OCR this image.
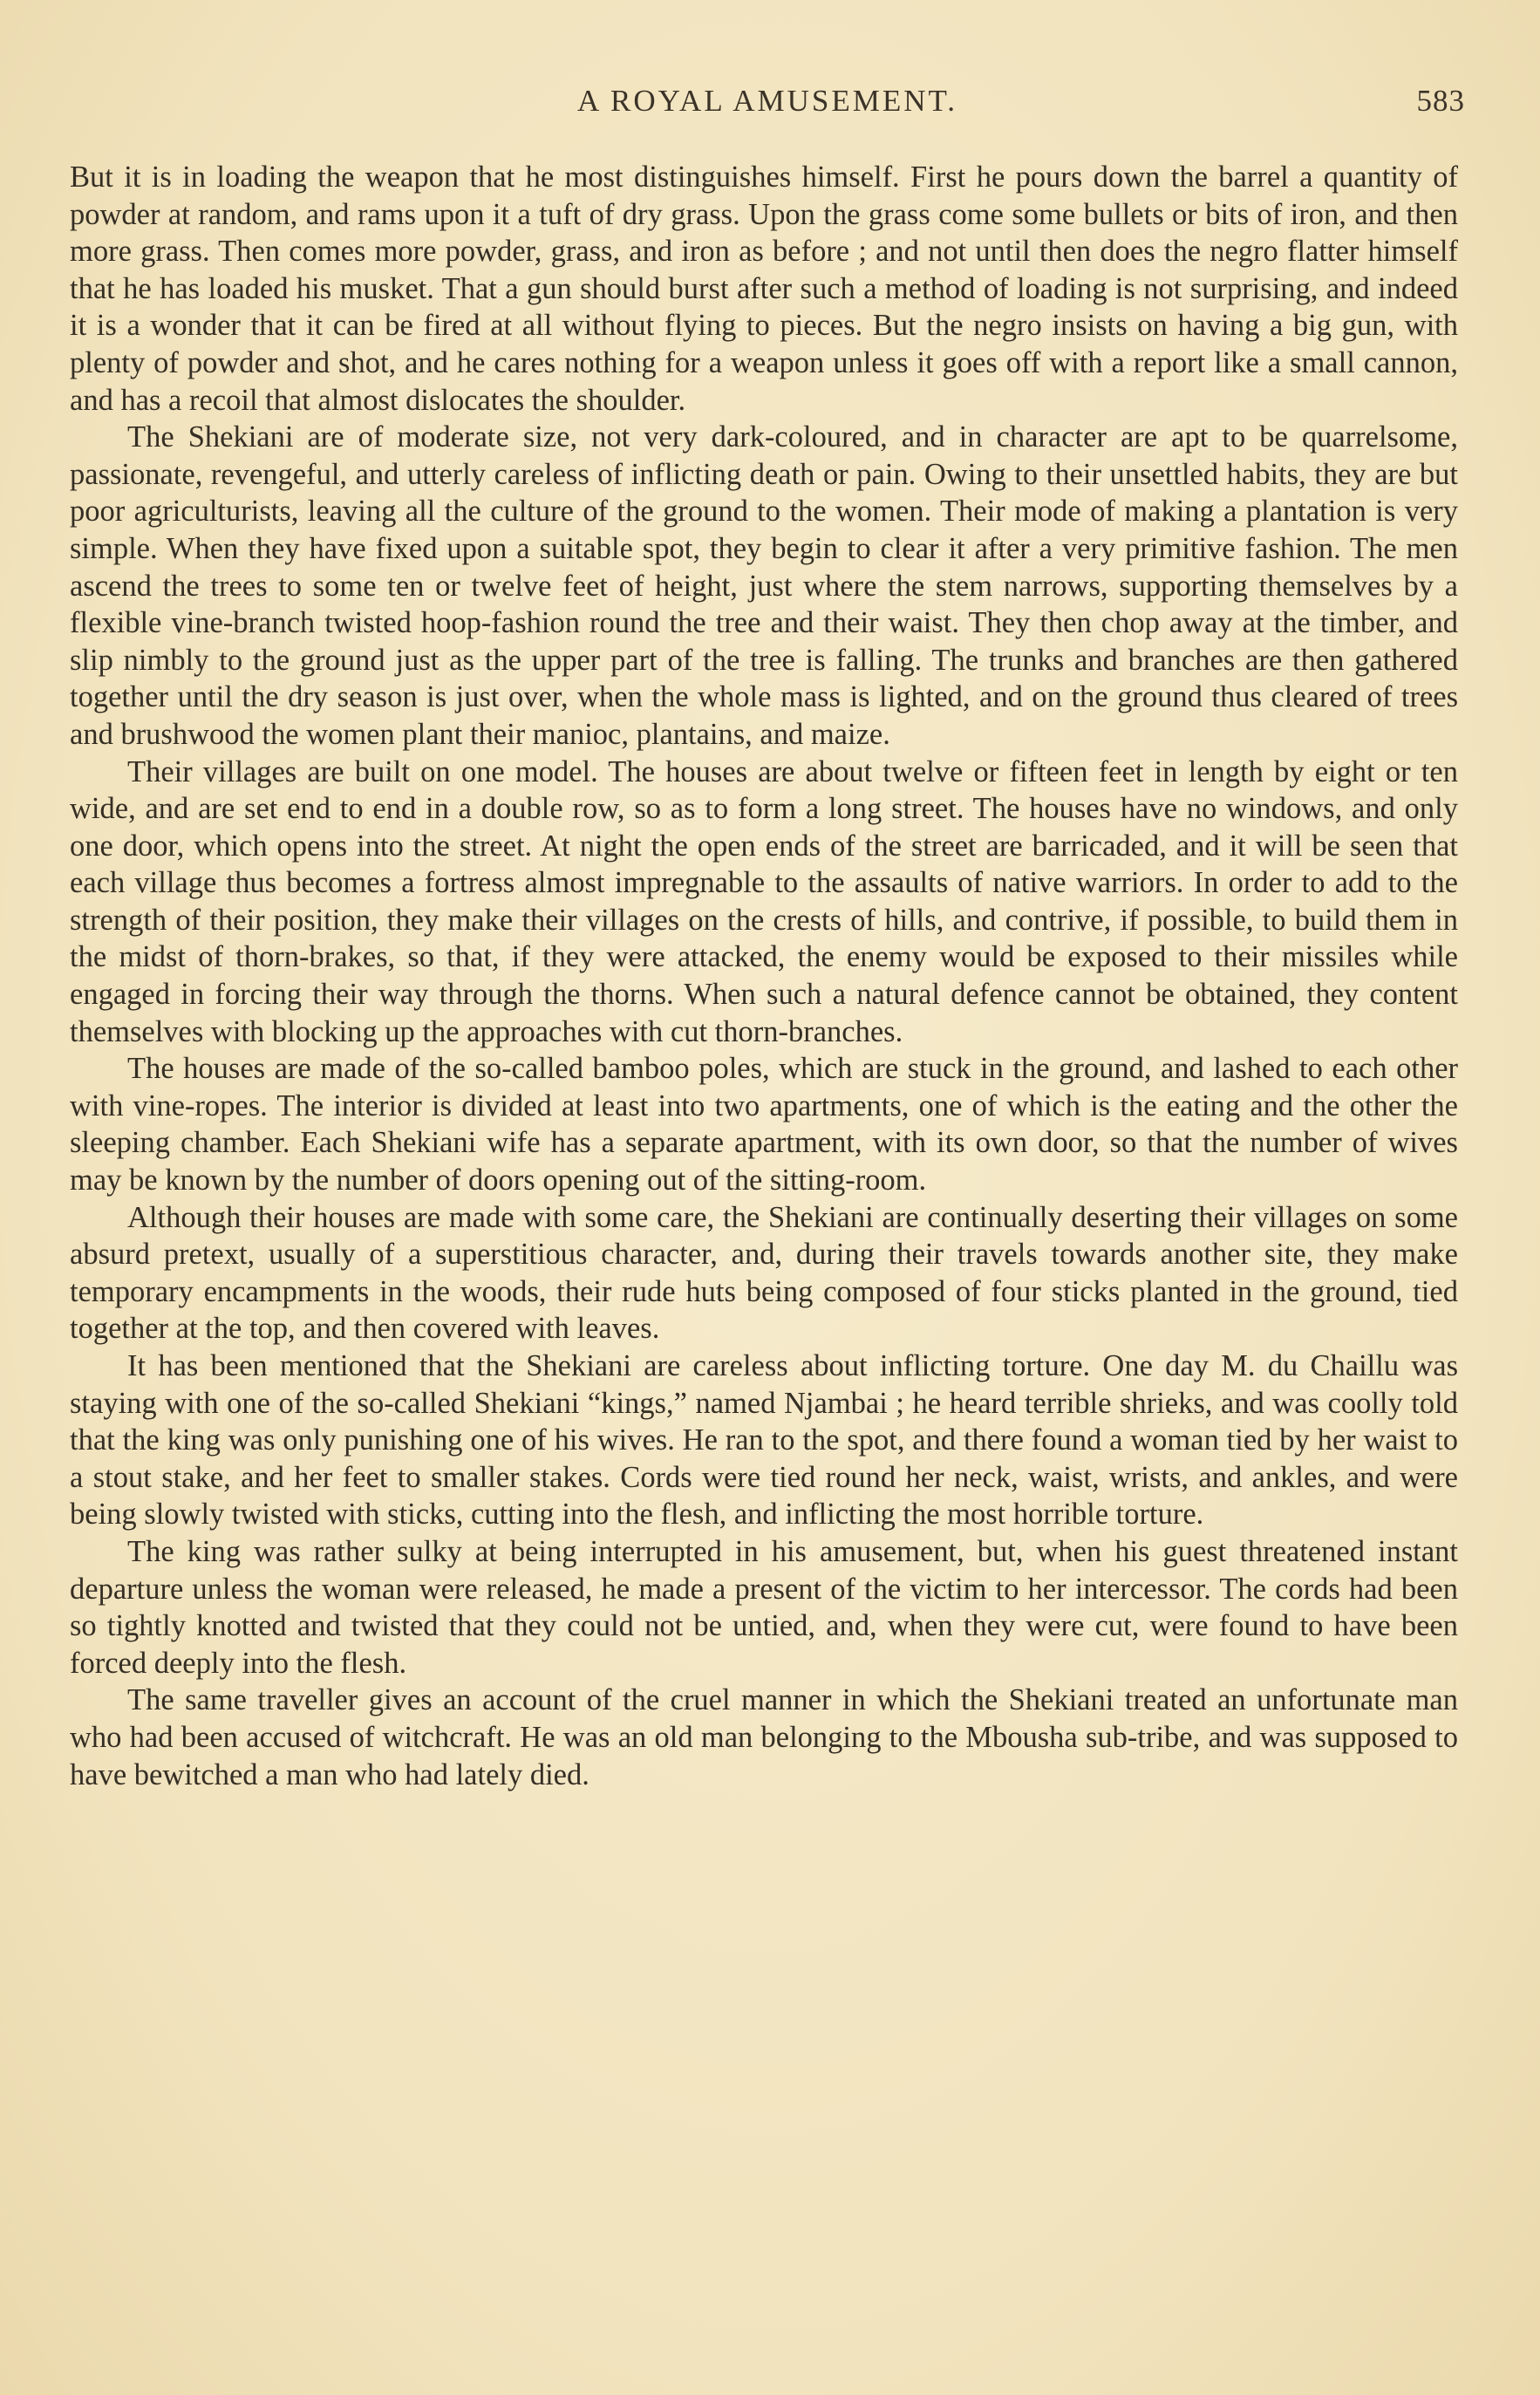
A ROYAL AMUSEMENT.	583

But it is in loading the weapon that he most distinguishes himself. First he pours down the barrel a quantity of powder at random, and rams upon it a tuft of dry grass. Upon the grass come some bullets or bits of iron, and then more grass. Then comes more powder, grass, and iron as before ; and not until then does the negro flatter himself that he has loaded his musket. That a gun should burst after such a method of loading is not surprising, and indeed it is a wonder that it can be fired at all without flying to pieces. But the negro insists on having a big gun, with plenty of powder and shot, and he cares nothing for a weapon unless it goes off with a report like a small cannon, and has a recoil that almost dislocates the shoulder.

The Shekiani are of moderate size, not very dark-coloured, and in character are apt to be quarrelsome, passionate, revengeful, and utterly careless of inflicting death or pain. Owing to their unsettled habits, they are but poor agriculturists, leaving all the culture of the ground to the women. Their mode of making a plantation is very simple. When they have fixed upon a suitable spot, they begin to clear it after a very primitive fashion. The men ascend the trees to some ten or twelve feet of height, just where the stem narrows, supporting themselves by a flexible vine-branch twisted hoop-fashion round the tree and their waist. They then chop away at the timber, and slip nimbly to the ground just as the upper part of the tree is falling. The trunks and branches are then gathered together until the dry season is just over, when the whole mass is lighted, and on the ground thus cleared of trees and brushwood the women plant their manioc, plantains, and maize.

Their villages are built on one model. The houses are about twelve or fifteen feet in length by eight or ten wide, and are set end to end in a double row, so as to form a long street. The houses have no windows, and only one door, which opens into the street. At night the open ends of the street are barricaded, and it will be seen that each village thus becomes a fortress almost impregnable to the assaults of native warriors. In order to add to the strength of their position, they make their villages on the crests of hills, and contrive, if possible, to build them in the midst of thorn-brakes, so that, if they were attacked, the enemy would be exposed to their missiles while engaged in forcing their way through the thorns. When such a natural defence cannot be obtained, they content themselves with blocking up the approaches with cut thorn-branches.

The houses are made of the so-called bamboo poles, which are stuck in the ground, and lashed to each other with vine-ropes. The interior is divided at least into two apartments, one of which is the eating and the other the sleeping chamber. Each Shekiani wife has a separate apartment, with its own door, so that the number of wives may be known by the number of doors opening out of the sitting-room.

Although their houses are made with some care, the Shekiani are continually deserting their villages on some absurd pretext, usually of a superstitious character, and, during their travels towards another site, they make temporary encampments in the woods, their rude huts being composed of four sticks planted in the ground, tied together at the top, and then covered with leaves.

It has been mentioned that the Shekiani are careless about inflicting torture. One day M. du Chaillu was staying with one of the so-called Shekiani “kings,” named Njambai ; he heard terrible shrieks, and was coolly told that the king was only punishing one of his wives. He ran to the spot, and there found a woman tied by her waist to a stout stake, and her feet to smaller stakes. Cords were tied round her neck, waist, wrists, and ankles, and were being slowly twisted with sticks, cutting into the flesh, and inflicting the most horrible torture.

The king was rather sulky at being interrupted in his amusement, but, when his guest threatened instant departure unless the woman were released, he made a present of the victim to her intercessor. The cords had been so tightly knotted and twisted that they could not be untied, and, when they were cut, were found to have been forced deeply into the flesh.

The same traveller gives an account of the cruel manner in which the Shekiani treated an unfortunate man who had been accused of witchcraft. He was an old man belonging to the Mbousha sub-tribe, and was supposed to have bewitched a man who had lately died.
